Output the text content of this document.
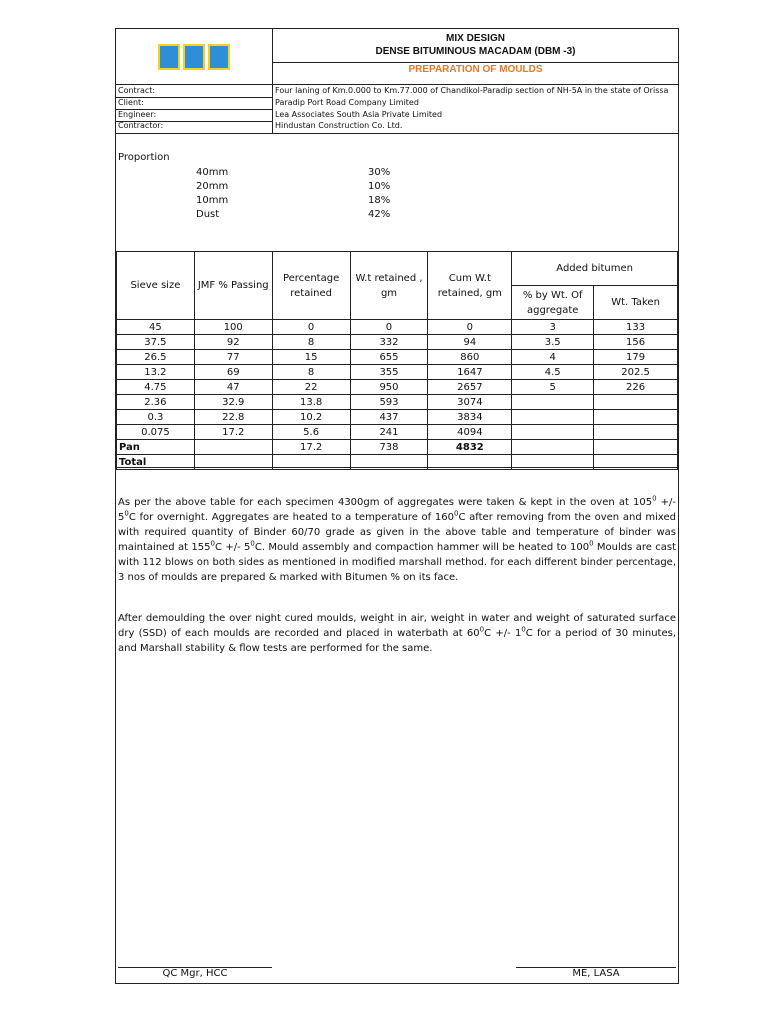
MIX DESIGN
DENSE BITUMINOUS MACADAM (DBM -3)
PREPARATION OF MOULDS
Contract:	Four laning of Km.0.000 to Km.77.000 of Chandikol-Paradip section of NH-5A in the state of Orissa
Client:	Paradip Port Road Company Limited
Engineer:	Lea Associates South Asia Private Limited
Contractor:	Hindustan Construction Co. Ltd.
Proportion
40mm	30%
20mm	10%
10mm	18%
Dust	42%
Sieve size	JMF % Passing	Percentage retained	W.t retained , gm	Cum W.t retained, gm	Added bitumen	
					% by Wt. Of aggregate	Wt. Taken
45	100	0	0	0	3	133
37.5	92	8	332	94	3.5	156
26.5	77	15	655	860	4	179
13.2	69	8	355	1647	4.5	202.5
4.75	47	22	950	2657	5	226
2.36	32.9	13.8	593	3074		
0.3	22.8	10.2	437	3834		
0.075	17.2	5.6	241	4094		
Pan		17.2	738	4832		
Total						
As per the above table for each specimen 4300gm of aggregates were taken & kept in the oven at $105^0$ +/- $5^0C$ for overnight. Aggregates are heated to a temperature of $160^0C$ after removing from the oven and mixed with required quantity of Binder 60/70 grade as given in the above table and temperature of binder was maintained at $155^0C$ +/- $5^0C$. Mould assembly and compaction hammer will be heated to $100^0$ Moulds are cast with 112 blows on both sides as mentioned in modified marshall method. for each different binder percentage, 3 nos of moulds are prepared & marked with Bitumen % on its face.
After demoulding the over night cured moulds, weight in air, weight in water and weight of saturated surface dry (SSD) of each moulds are recorded and placed in waterbath at $60^0C$ +/- $1^0C$ for a period of 30 minutes, and Marshall stability & flow tests are performed for the same.
QC Mgr, HCC	ME, LASA
